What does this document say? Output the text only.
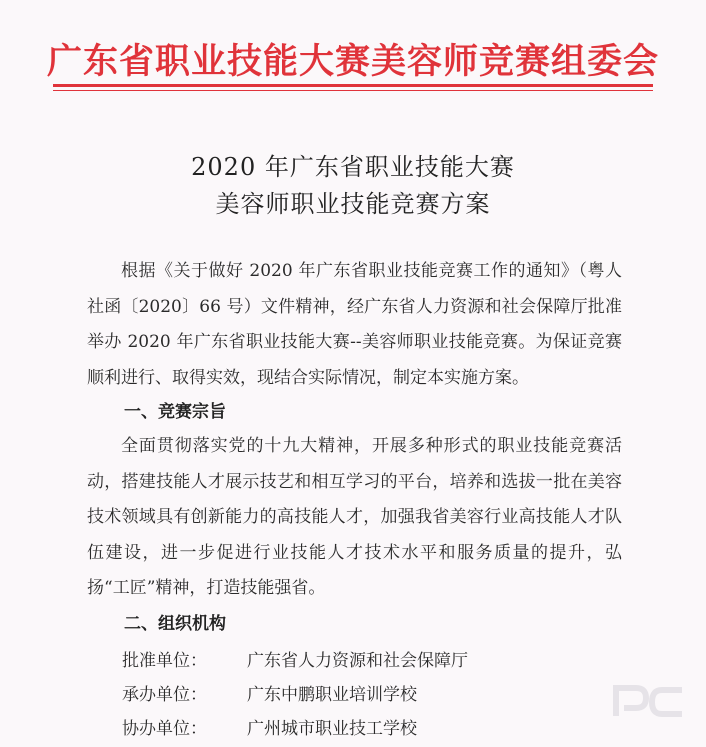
广东省职业技能大赛美容师竞赛组委会
2020 年广东省职业技能大赛
美容师职业技能竞赛方案
根据《关于做好 2020 年广东省职业技能竞赛工作的通知》（粤人社函〔2020〕66 号）文件精神，经广东省人力资源和社会保障厅批准举办 2020 年广东省职业技能大赛--美容师职业技能竞赛。为保证竞赛顺利进行、取得实效，现结合实际情况，制定本实施方案。
一、竞赛宗旨
全面贯彻落实党的十九大精神，开展多种形式的职业技能竞赛活动，搭建技能人才展示技艺和相互学习的平台，培养和选拔一批在美容技术领域具有创新能力的高技能人才，加强我省美容行业高技能人才队伍建设，进一步促进行业技能人才技术水平和服务质量的提升，弘扬“工匠”精神，打造技能强省。
二、组织机构
批准单位： 广东省人力资源和社会保障厅
承办单位： 广东中鹏职业培训学校
协办单位： 广州城市职业技工学校
